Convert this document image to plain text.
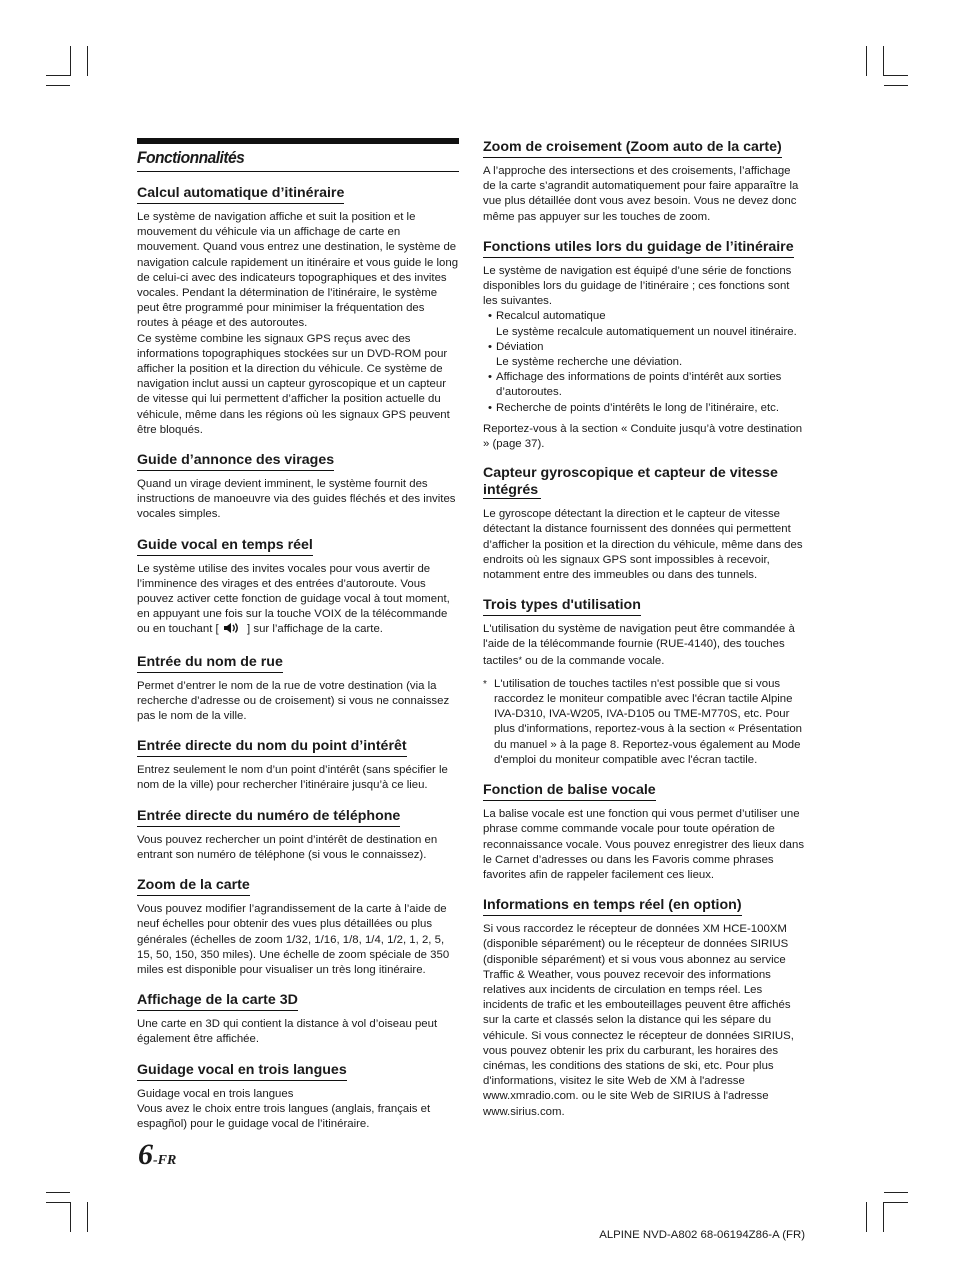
Fonctionnalités
Calcul automatique d’itinéraire

Le système de navigation affiche et suit la position et le mouvement du véhicule via un affichage de carte en mouvement. Quand vous entrez une destination, le système de navigation calcule rapidement un itinéraire et vous guide le long de celui-ci avec des indicateurs topographiques et des invites vocales. Pendant la détermination de l’itinéraire, le système peut être programmé pour minimiser la fréquentation des routes à péage et des autoroutes.

Ce système combine les signaux GPS reçus avec des informations topographiques stockées sur un DVD-ROM pour afficher la position et la direction du véhicule. Ce système de navigation inclut aussi un capteur gyroscopique et un capteur de vitesse qui lui permettent d’afficher la position actuelle du véhicule, même dans les régions où les signaux GPS peuvent être bloqués.

Guide d’annonce des virages

Quand un virage devient imminent, le système fournit des instructions de manoeuvre via des guides fléchés et des invites vocales simples.

Guide vocal en temps réel

Le système utilise des invites vocales pour vous avertir de l’imminence des virages et des entrées d’autoroute. Vous pouvez activer cette fonction de guidage vocal à tout moment, en appuyant une fois sur la touche VOIX de la télécommande ou en touchant [ ] sur l’affichage de la carte.

Entrée du nom de rue

Permet d’entrer le nom de la rue de votre destination (via la recherche d’adresse ou de croisement) si vous ne connaissez pas le nom de la ville.

Entrée directe du nom du point d’intérêt

Entrez seulement le nom d’un point d’intérêt (sans spécifier le nom de la ville) pour rechercher l’itinéraire jusqu’à ce lieu.

Entrée directe du numéro de téléphone

Vous pouvez rechercher un point d’intérêt de destination en entrant son numéro de téléphone (si vous le connaissez).

Zoom de la carte

Vous pouvez modifier l’agrandissement de la carte à l’aide de neuf échelles pour obtenir des vues plus détaillées ou plus générales (échelles de zoom 1/32, 1/16, 1/8, 1/4, 1/2, 1, 2, 5, 15, 50, 150, 350 miles). Une échelle de zoom spéciale de 350 miles est disponible pour visualiser un très long itinéraire.

Affichage de la carte 3D

Une carte en 3D qui contient la distance à vol d’oiseau peut également être affichée.

Guidage vocal en trois langues

Guidage vocal en trois langues

Vous avez le choix entre trois langues (anglais, français et espagñol) pour le guidage vocal de l’itinéraire.

Zoom de croisement (Zoom auto de la carte)

A l’approche des intersections et des croisements, l’affichage de la carte s’agrandit automatiquement pour faire apparaître la vue plus détaillée dont vous avez besoin. Vous ne devez donc même pas appuyer sur les touches de zoom.

Fonctions utiles lors du guidage de l’itinéraire

Le système de navigation est équipé d’une série de fonctions disponibles lors du guidage de l’itinéraire ; ces fonctions sont les suivantes.

• Recalcul automatique
Le système recalcule automatiquement un nouvel itinéraire.
• Déviation
Le système recherche une déviation.
• Affichage des informations de points d’intérêt aux sorties d’autoroutes.
• Recherche de points d’intérêts le long de l’itinéraire, etc.

Reportez-vous à la section « Conduite jusqu’à votre destination » (page 37).

Capteur gyroscopique et capteur de vitesse intégrés

Le gyroscope détectant la direction et le capteur de vitesse détectant la distance fournissent des données qui permettent d’afficher la position et la direction du véhicule, même dans des endroits où les signaux GPS sont impossibles à recevoir, notamment entre des immeubles ou dans des tunnels.

Trois types d'utilisation

L'utilisation du système de navigation peut être commandée à l'aide de la télécommande fournie (RUE-4140), des touches tactiles* ou de la commande vocale.

* L'utilisation de touches tactiles n'est possible que si vous raccordez le moniteur compatible avec l'écran tactile Alpine IVA-D310, IVA-W205, IVA-D105 ou TME-M770S, etc. Pour plus d'informations, reportez-vous à la section « Présentation du manuel » à la page 8. Reportez-vous également au Mode d'emploi du moniteur compatible avec l'écran tactile.

Fonction de balise vocale

La balise vocale est une fonction qui vous permet d’utiliser une phrase comme commande vocale pour toute opération de reconnaissance vocale. Vous pouvez enregistrer des lieux dans le Carnet d’adresses ou dans les Favoris comme phrases favorites afin de rappeler facilement ces lieux.

Informations en temps réel (en option)

Si vous raccordez le récepteur de données XM HCE-100XM (disponible séparément) ou le récepteur de données SIRIUS (disponible séparément) et si vous vous abonnez au service Traffic & Weather, vous pouvez recevoir des informations relatives aux incidents de circulation en temps réel. Les incidents de trafic et les embouteillages peuvent être affichés sur la carte et classés selon la distance qui les sépare du véhicule. Si vous connectez le récepteur de données SIRIUS, vous pouvez obtenir les prix du carburant, les horaires des cinémas, les conditions des stations de ski, etc. Pour plus d'informations, visitez le site Web de XM à l'adresse www.xmradio.com. ou le site Web de SIRIUS à l'adresse www.sirius.com.

6-FR
ALPINE NVD-A802 68-06194Z86-A (FR)
